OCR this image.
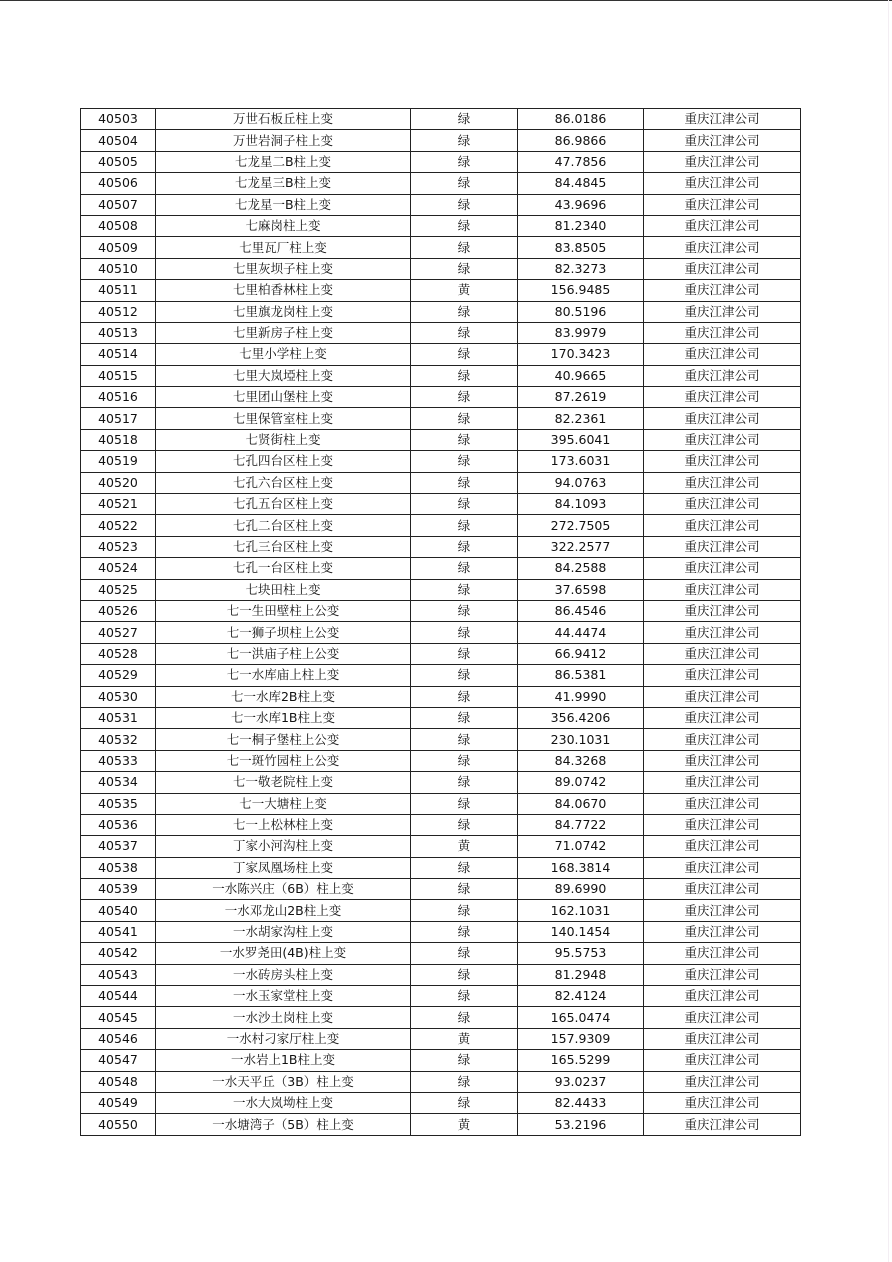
40503	万世石板丘柱上变	绿	86.0186	重庆江津公司
40504	万世岩洞子柱上变	绿	86.9866	重庆江津公司
40505	七龙星二B柱上变	绿	47.7856	重庆江津公司
40506	七龙星三B柱上变	绿	84.4845	重庆江津公司
40507	七龙星一B柱上变	绿	43.9696	重庆江津公司
40508	七麻岗柱上变	绿	81.2340	重庆江津公司
40509	七里瓦厂柱上变	绿	83.8505	重庆江津公司
40510	七里灰坝子柱上变	绿	82.3273	重庆江津公司
40511	七里柏香林柱上变	黄	156.9485	重庆江津公司
40512	七里旗龙岗柱上变	绿	80.5196	重庆江津公司
40513	七里新房子柱上变	绿	83.9979	重庆江津公司
40514	七里小学柱上变	绿	170.3423	重庆江津公司
40515	七里大岚埡柱上变	绿	40.9665	重庆江津公司
40516	七里团山堡柱上变	绿	87.2619	重庆江津公司
40517	七里保管室柱上变	绿	82.2361	重庆江津公司
40518	七贤街柱上变	绿	395.6041	重庆江津公司
40519	七孔四台区柱上变	绿	173.6031	重庆江津公司
40520	七孔六台区柱上变	绿	94.0763	重庆江津公司
40521	七孔五台区柱上变	绿	84.1093	重庆江津公司
40522	七孔二台区柱上变	绿	272.7505	重庆江津公司
40523	七孔三台区柱上变	绿	322.2577	重庆江津公司
40524	七孔一台区柱上变	绿	84.2588	重庆江津公司
40525	七块田柱上变	绿	37.6598	重庆江津公司
40526	七一生田壁柱上公变	绿	86.4546	重庆江津公司
40527	七一狮子坝柱上公变	绿	44.4474	重庆江津公司
40528	七一洪庙子柱上公变	绿	66.9412	重庆江津公司
40529	七一水库庙上柱上变	绿	86.5381	重庆江津公司
40530	七一水库2B柱上变	绿	41.9990	重庆江津公司
40531	七一水库1B柱上变	绿	356.4206	重庆江津公司
40532	七一桐子堡柱上公变	绿	230.1031	重庆江津公司
40533	七一斑竹园柱上公变	绿	84.3268	重庆江津公司
40534	七一敬老院柱上变	绿	89.0742	重庆江津公司
40535	七一大塘柱上变	绿	84.0670	重庆江津公司
40536	七一上松林柱上变	绿	84.7722	重庆江津公司
40537	丁家小河沟柱上变	黄	71.0742	重庆江津公司
40538	丁家凤凰场柱上变	绿	168.3814	重庆江津公司
40539	一水陈兴庄（6B）柱上变	绿	89.6990	重庆江津公司
40540	一水邓龙山2B柱上变	绿	162.1031	重庆江津公司
40541	一水胡家沟柱上变	绿	140.1454	重庆江津公司
40542	一水罗尧田(4B)柱上变	绿	95.5753	重庆江津公司
40543	一水砖房头柱上变	绿	81.2948	重庆江津公司
40544	一水玉家堂柱上变	绿	82.4124	重庆江津公司
40545	一水沙土岗柱上变	绿	165.0474	重庆江津公司
40546	一水村刁家厅柱上变	黄	157.9309	重庆江津公司
40547	一水岩上1B柱上变	绿	165.5299	重庆江津公司
40548	一水天平丘（3B）柱上变	绿	93.0237	重庆江津公司
40549	一水大岚坳柱上变	绿	82.4433	重庆江津公司
40550	一水塘湾子（5B）柱上变	黄	53.2196	重庆江津公司
